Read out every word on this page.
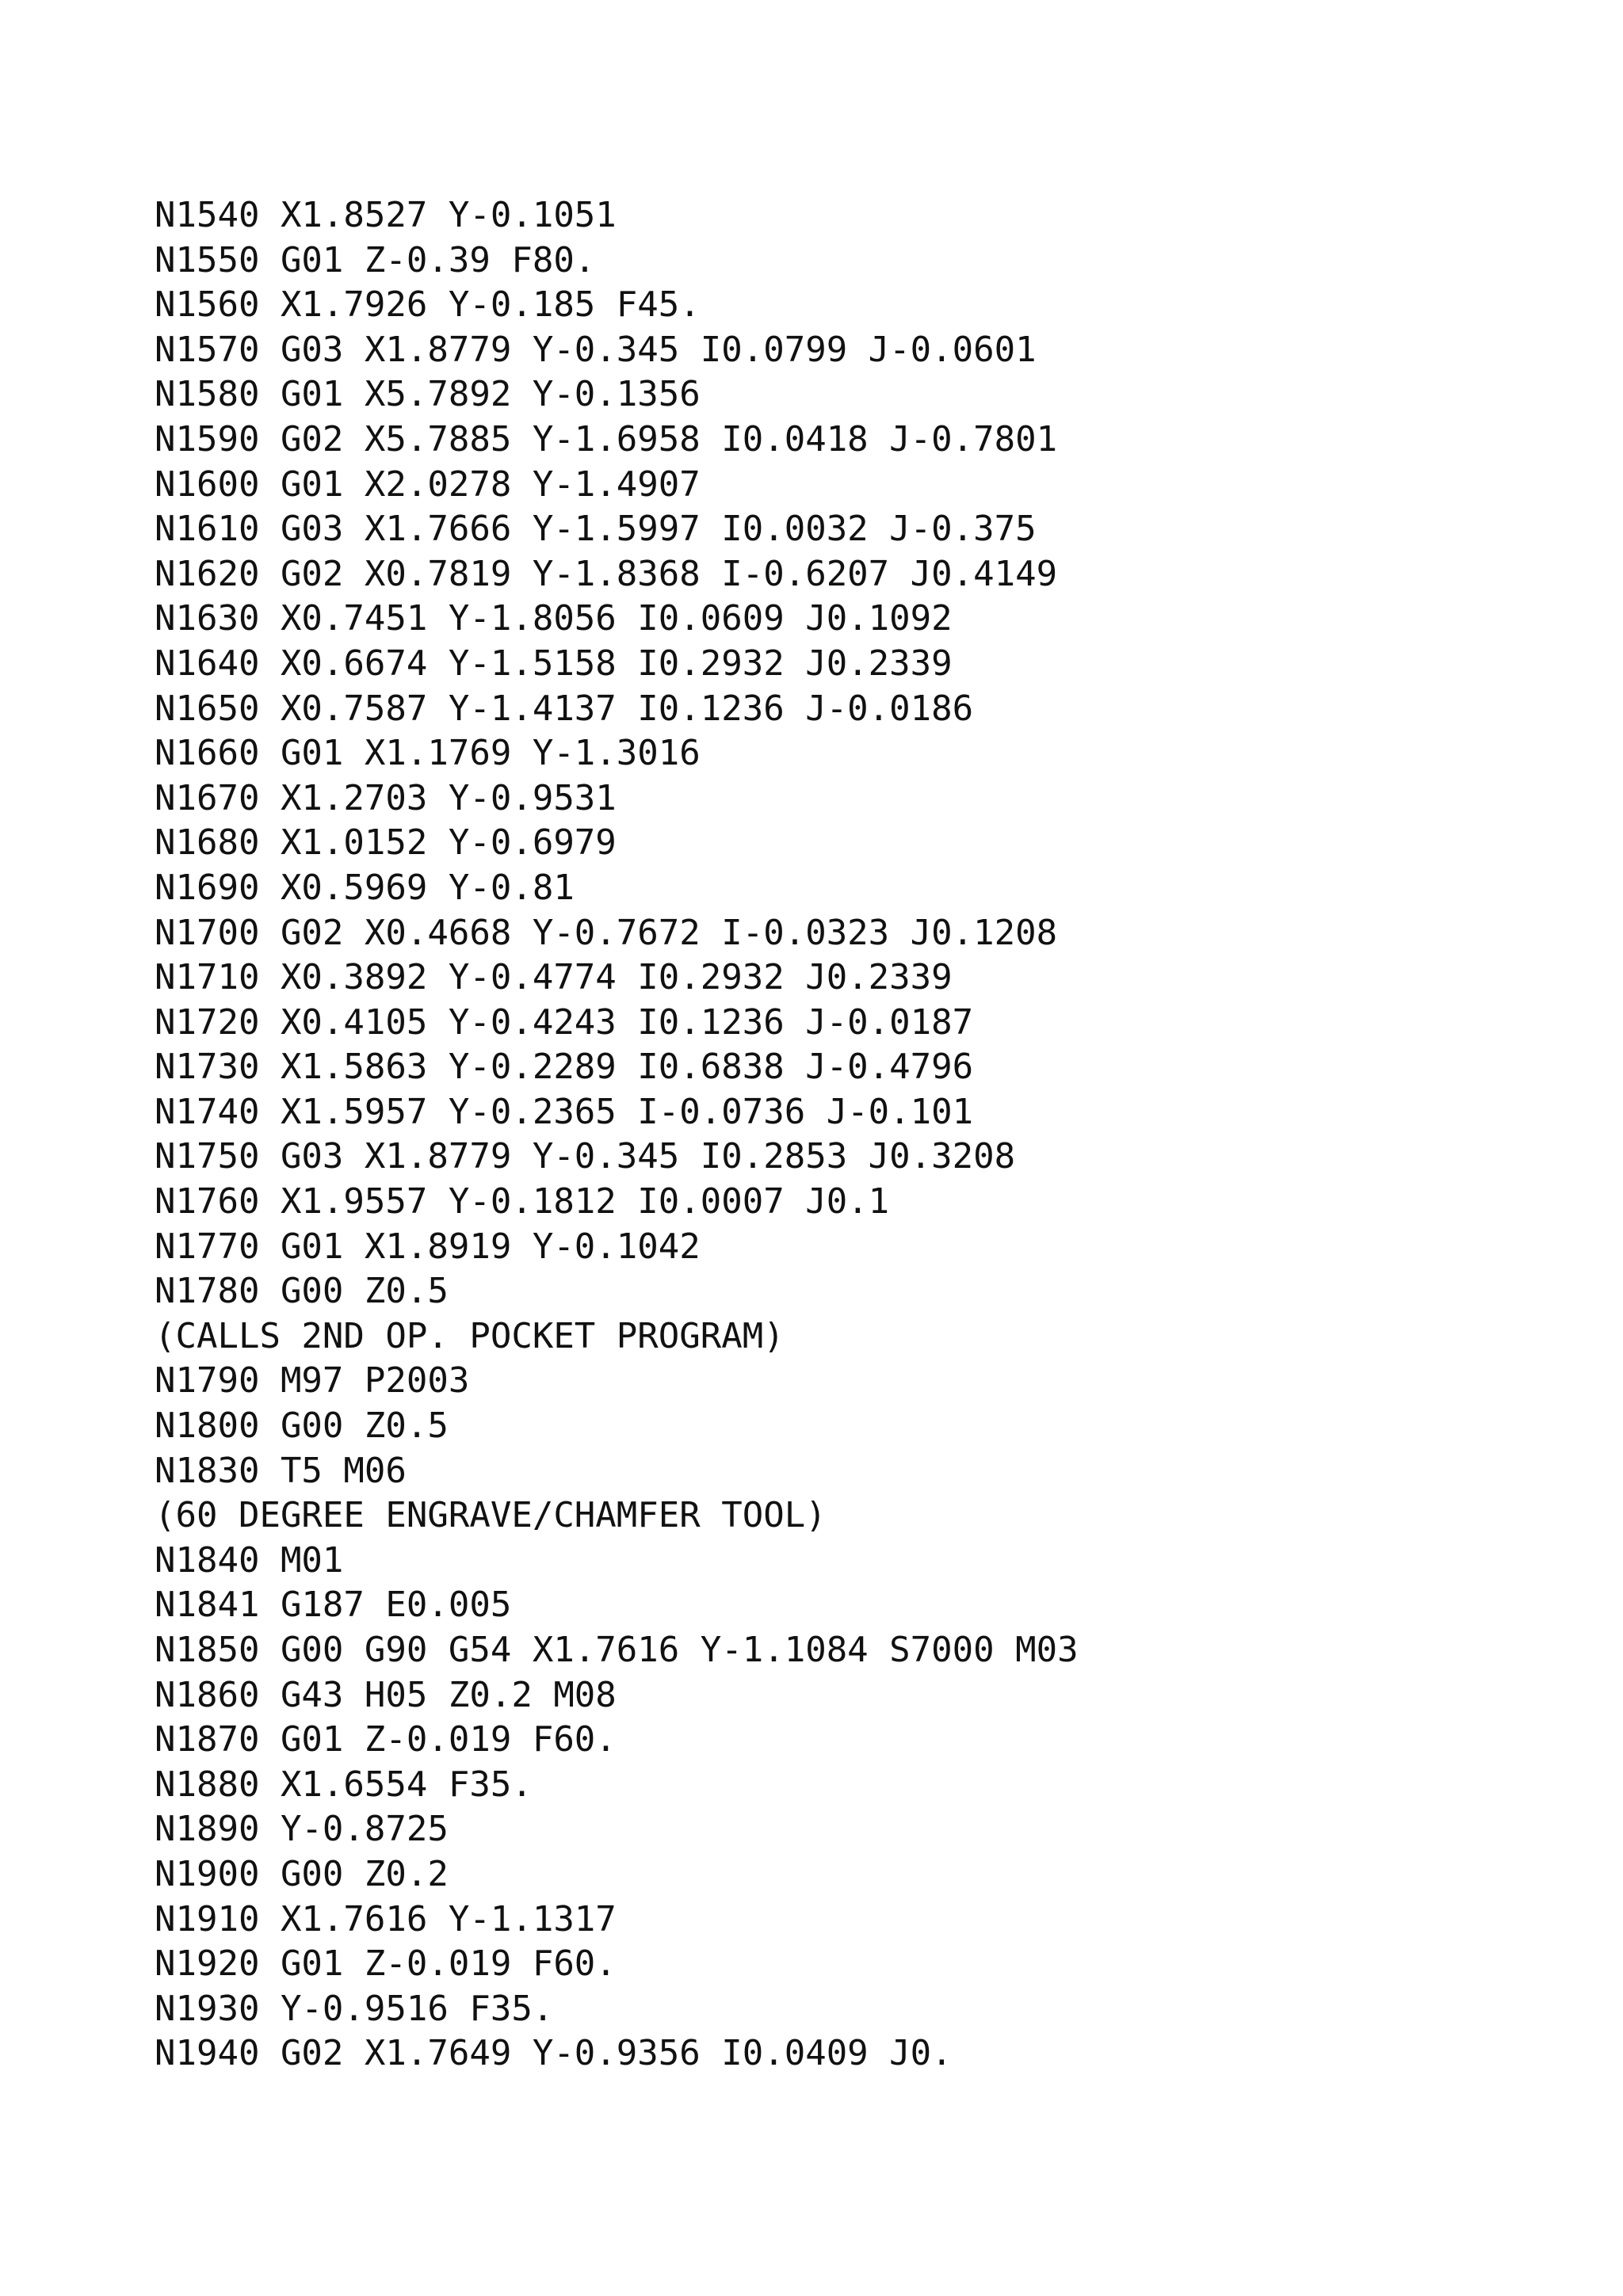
N1540 X1.8527 Y-0.1051
N1550 G01 Z-0.39 F80.
N1560 X1.7926 Y-0.185 F45.
N1570 G03 X1.8779 Y-0.345 I0.0799 J-0.0601
N1580 G01 X5.7892 Y-0.1356
N1590 G02 X5.7885 Y-1.6958 I0.0418 J-0.7801
N1600 G01 X2.0278 Y-1.4907
N1610 G03 X1.7666 Y-1.5997 I0.0032 J-0.375
N1620 G02 X0.7819 Y-1.8368 I-0.6207 J0.4149
N1630 X0.7451 Y-1.8056 I0.0609 J0.1092
N1640 X0.6674 Y-1.5158 I0.2932 J0.2339
N1650 X0.7587 Y-1.4137 I0.1236 J-0.0186
N1660 G01 X1.1769 Y-1.3016
N1670 X1.2703 Y-0.9531
N1680 X1.0152 Y-0.6979
N1690 X0.5969 Y-0.81
N1700 G02 X0.4668 Y-0.7672 I-0.0323 J0.1208
N1710 X0.3892 Y-0.4774 I0.2932 J0.2339
N1720 X0.4105 Y-0.4243 I0.1236 J-0.0187
N1730 X1.5863 Y-0.2289 I0.6838 J-0.4796
N1740 X1.5957 Y-0.2365 I-0.0736 J-0.101
N1750 G03 X1.8779 Y-0.345 I0.2853 J0.3208
N1760 X1.9557 Y-0.1812 I0.0007 J0.1
N1770 G01 X1.8919 Y-0.1042
N1780 G00 Z0.5
(CALLS 2ND OP. POCKET PROGRAM)
N1790 M97 P2003
N1800 G00 Z0.5
N1830 T5 M06
(60 DEGREE ENGRAVE/CHAMFER TOOL)
N1840 M01
N1841 G187 E0.005
N1850 G00 G90 G54 X1.7616 Y-1.1084 S7000 M03
N1860 G43 H05 Z0.2 M08
N1870 G01 Z-0.019 F60.
N1880 X1.6554 F35.
N1890 Y-0.8725
N1900 G00 Z0.2
N1910 X1.7616 Y-1.1317
N1920 G01 Z-0.019 F60.
N1930 Y-0.9516 F35.
N1940 G02 X1.7649 Y-0.9356 I0.0409 J0.
